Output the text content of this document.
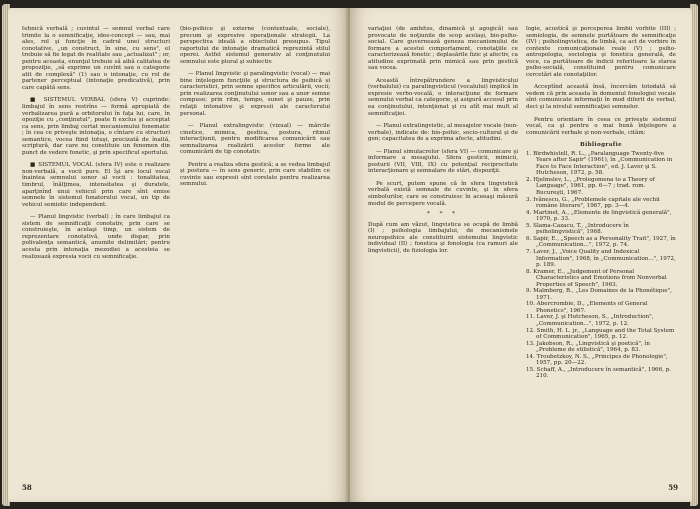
tehnică verbală ; cuvintul — semnul verbal care trimite la o semnificaţie, idee-concept — sau, mai ales, rol şi funcţie în cadrul unei structuri conotative, „un construct, în sine, cu sens", el trebuie să fie legat de realitate sau „actualizat" ; or, pentru aceasta, enunţul trebuie să aibă calitatea de propoziţie, „să exprime un cuvînt sau o categorie atit de complexă" (1) sau o intonaţie, cu rol de partener perceptual (intonaţie predicativă), prin care capătă sens.

■ SISTEMUL VERBAL (sfera V) cuprinde: limbajul în sens restrîns — formă apropiată de verbalizarea pură a orbitorului în faţa lui, care, în opoziţie cu „conţinutul", poate fi exclus şi acceptat ca sens, prin limbaj certat mecanismului fonematic ; în cea ce priveşte intonaţia, o cîntare cu structuri semantice, vocea fiind totuşi, precizată de înaltă, scriptură, dar care nu constituie un fenomen din punct de vedere fonetic, şi prin specificul sportului.

■ SISTEMUL VOCAL (sfera IV) este o realizare non-verbală, a vocii pure. El îşi are locul vocal înaintea semnului sonor al vocii : tonalitatea, timbrul, înălţimea, intensitatea şi duratele, aparţinînd unui vehicul prin care sînt emise semnele în sistemul fonatorului vocal, un tip de vehicul semiotic independent.

— Planul lingvistic (verbal) ; în care limbajul ca sistem de semnificaţii conotativ, prin care se construieşte, în acelaşi timp, un sistem de reprezentare conotativă, unde dispar, prin polivalenţa semantică, anumite delimitări; pentru acesta prin intonaţia mezodiei a acesteia se realizează expresia vocii cu semnificaţie.

(bio-psihice şi externe (contextuale, sociale), precum şi expresive operaţionale strategii. La perspectiva ideală a obiectului presupus. Tipul raportului de intonaţie dramatică reprezintă stilul operei. Astfel sistemul generativ al conţinutului semnului este plural şi subiectiv.

— Planul lingvistic şi paralingvistic (vocal) — mai bine înţelegem funcţiile şi structura de psihică și caracteristici, prin semne specifice articulării, vocii; prin realizarea conţinutului sonor sau a unor semne compuse; prin ritm, tempo, sunet şi pauze, prin relaţii intonative şi expresii ale caracterului personal.

— Planul extralingvistic (vizual) — mărcile cinetice, mimica, gestica, postura, ritmul interacţiunii, pentru modificarea comunicării sau semnalizarea realizării acestor forme ale comunicării de tip conotativ.

Pentru a realiza sfera gestică; a se vedea limbajul şi postura — în sens generic, prin care stabilim ce cuvinte sau expresii sînt corelate pentru realizarea semnului.

58

variaţiei (de ambitus, dinamică şi agogică) sau provocate de noţiunile de scop acelaşi, bio-psiho-social. Care guvernează geneza mecanismului de formare a acestui comportament, conotaţiile ce caracterizează fonetic ; deplasările fizic şi afectiv, ca atitudine exprimată prin mimică sau prin gestică sau vocea.

Această întrepătrundere a lingvisticului (verbalului) cu paralingvisticul (vocalului) implică în expresie verbo-vocală, o interacţiune de formare semnului verbal ca categorie, şi asigură accesul prin ea conţinutului, intenţionat şi cu atît mai mult al semnificaţiei.

— Planul extralingvistic, al mesajelor vocale (non-verbale), indicate de: bio-psihic, socio-cultural şi de gen; capacitatea de a exprima afecte, atitudini.

— Planul simulacrelor (sfera VI) — comunicare şi informare a mesajului. Sfera gesticii, mimicii, posturii (VII, VIII, IX) cu potenţial reciprocitate interacţionare şi semnalare de stări, dispoziţii.

Pe scurt, putem spune că în sfera lingvistică verbală există semnale de cuvinte, şi în sfera simbolurilor, care se construiesc în aceeaşi măsură modul de percepere vocală.

* * *

După cum am văzut, lingvistica se ocupă de limbă (I) ; psihologia limbajului, de mecanismele neuropsihice ale constituirii sistemului lingvistic individual (II) ; fonetica şi fonologia (ca ramuri ale lingvisticii), de fiziologia lor.

logie, acustică şi perceperea limbii vorbite (III) ; semiologia, de semnele purtătoare de semnificaţie (IV) ; psiholingvistica, de limbă, ca act de vorbire în contexte comunicaţionale reale (V) ; psiho-antropologia, sociologia şi fonetica generală, de voce, ca purtătoare de indicii referitoare la starea psiho-socială, constituind pentru comunicare cercetări ale conotaţiilor.

Acceptînd această însă, încercăm totodată să vedem că prin aceasta în domeniul fonologiei vocale sînt comunicate informaţii în mod diferit de verbal, deci şi la nivelul semnificaţiei semnelor.

Pentru orientare în ceea ce priveşte sistemul vocal, ca şi pentru o mai bună înţelegere a comunicării verbale şi non-verbale, cităm:

Bibliografie
1. Birdwhistell, R. L., „Paralanguage Twenty-five Years after Sapir" (1961), în „Communication in Face to Face Interaction", ed. J. Laver şi S. Hutcheson, 1972, p. 58.
2. Hjelmslev, L., „Prolegomena to a Theory of Language", 1961, pp. 6—7 ; trad. rom. Bucureşti, 1967.
3. Ivănescu, G., „Problemele capitale ale vechii române literare", 1967, pp. 3—4.
4. Martinet, A., „Elemente de lingvistică generală", 1970, p. 33.
5. Slama-Cazacu, T., „Introducere în psiholingvistică", 1968.
6. Sapir, E., „Speech as a Personality Trait", 1927, în „Communication...", 1972, p. 74.
7. Laver, J., „Voice Quality and Indexical Information", 1968, în „Communication...", 1972, p. 189.
8. Kramer, E., „Judgement of Personal Characteristics and Emotions from Nonverbal Properties of Speech", 1963.
9. Malmberg, B., „Les Domaines de la Phonétique", 1971.
10. Abercrombie, D., „Elements of General Phonetics", 1967.
11. Laver, J. şi Hutcheson, S., „Introduction", „Communication...", 1972, p. 12.
12. Smith, H. L. jr., „Language and the Total System of Communication", 1965, p. 12.
13. Jakobson, R., „Lingvistică şi poetică", în „Probleme de stilistică", 1964, p. 83.
14. Troubetzkoy, N. S., „Principes de Phonologie", 1957, pp. 20—22.
15. Schaff, A., „Introducere în semantică", 1966, p. 210.
59
